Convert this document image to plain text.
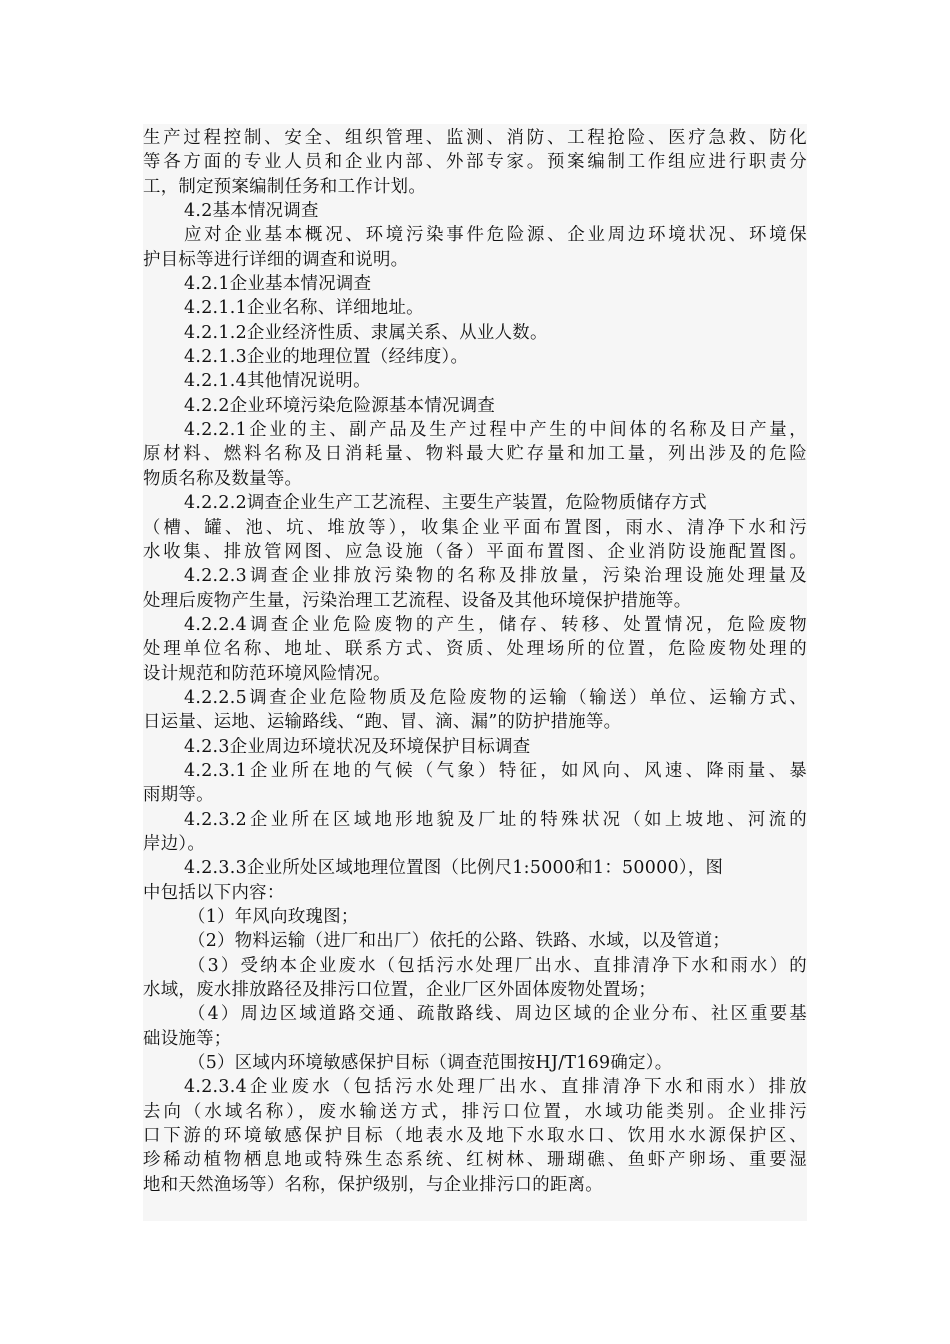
生产过程控制、安全、组织管理、监测、消防、工程抢险、医疗急救、防化
等各方面的专业人员和企业内部、外部专家。预案编制工作组应进行职责分
工，制定预案编制任务和工作计划。
4.2基本情况调查
应对企业基本概况、环境污染事件危险源、企业周边环境状况、环境保
护目标等进行详细的调查和说明。
4.2.1企业基本情况调查
4.2.1.1企业名称、详细地址。
4.2.1.2企业经济性质、隶属关系、从业人数。
4.2.1.3企业的地理位置（经纬度）。
4.2.1.4其他情况说明。
4.2.2企业环境污染危险源基本情况调查
4.2.2.1企业的主、副产品及生产过程中产生的中间体的名称及日产量，
原材料、燃料名称及日消耗量、物料最大贮存量和加工量，列出涉及的危险
物质名称及数量等。
4.2.2.2调查企业生产工艺流程、主要生产装置，危险物质储存方式
（槽、罐、池、坑、堆放等），收集企业平面布置图，雨水、清净下水和污
水收集、排放管网图、应急设施（备）平面布置图、企业消防设施配置图。
4.2.2.3调查企业排放污染物的名称及排放量，污染治理设施处理量及
处理后废物产生量，污染治理工艺流程、设备及其他环境保护措施等。
4.2.2.4调查企业危险废物的产生，储存、转移、处置情况，危险废物
处理单位名称、地址、联系方式、资质、处理场所的位置，危险废物处理的
设计规范和防范环境风险情况。
4.2.2.5调查企业危险物质及危险废物的运输（输送）单位、运输方式、
日运量、运地、运输路线、“跑、冒、滴、漏”的防护措施等。
4.2.3企业周边环境状况及环境保护目标调查
4.2.3.1企业所在地的气候（气象）特征，如风向、风速、降雨量、暴
雨期等。
4.2.3.2企业所在区域地形地貌及厂址的特殊状况（如上坡地、河流的
岸边）。
4.2.3.3企业所处区域地理位置图（比例尺1:5000和1：50000），图
中包括以下内容：
（1）年风向玫瑰图；
（2）物料运输（进厂和出厂）依托的公路、铁路、水域，以及管道；
（3）受纳本企业废水（包括污水处理厂出水、直排清净下水和雨水）的
水域，废水排放路径及排污口位置，企业厂区外固体废物处置场；
（4）周边区域道路交通、疏散路线、周边区域的企业分布、社区重要基
础设施等；
（5）区域内环境敏感保护目标（调查范围按HJ/T169确定）。
4.2.3.4企业废水（包括污水处理厂出水、直排清净下水和雨水）排放
去向（水域名称），废水输送方式，排污口位置，水域功能类别。企业排污
口下游的环境敏感保护目标（地表水及地下水取水口、饮用水水源保护区、
珍稀动植物栖息地或特殊生态系统、红树林、珊瑚礁、鱼虾产卵场、重要湿
地和天然渔场等）名称，保护级别，与企业排污口的距离。
